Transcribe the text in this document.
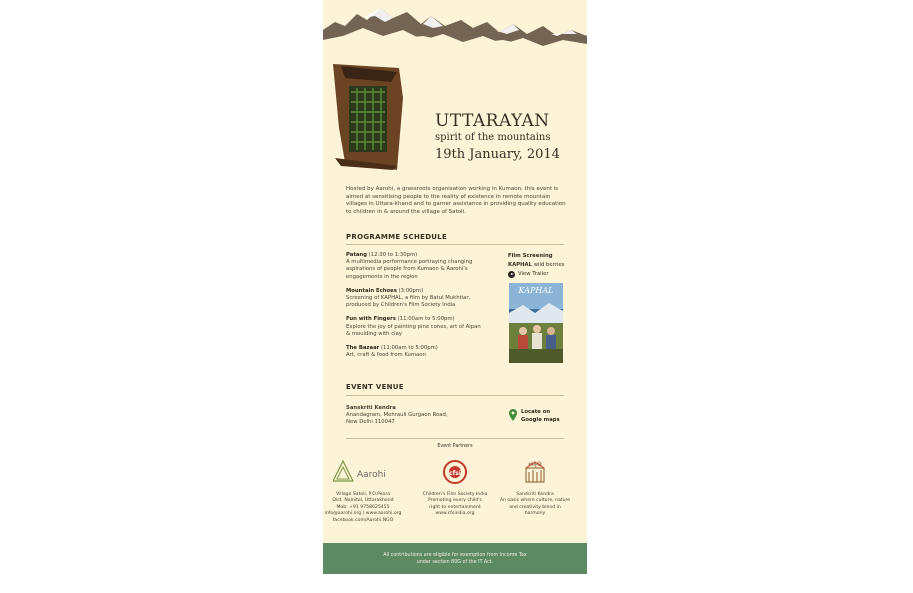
UTTARAYAN
spirit of the mountains
19th January, 2014
Hosted by Aarohi, a grassroots organisation working in Kumaon, this event is aimed at sensitising people to the reality of existence in remote mountain villages in Uttara-khand and to garner assistance in providing quality education to children in & around the village of Satoli.
PROGRAMME SCHEDULE
Patang (12:30 to 1:30pm)
A multimedia performance portraying changing aspirations of people from Kumaon & Aarohi's engagements in the region
Mountain Echoes (3:00pm)
Screening of KAPHAL, a film by Batul Mukhtiar, produced by Children's Film Society India
Fun with Fingers (11:00am to 5:00pm)
Explore the joy of painting pine cones, art of Aipan & moulding with clay
The Bazaar (11:00am to 5:00pm)
Art, craft & food from Kumaon
Film Screening
KAPHAL wild berries
View Trailer
KAPHAL
EVENT VENUE
Sanskriti Kendra
Anandagram, Mehrauli Gurgaon Road,
New Delhi 110047
Locate on
Google maps
Event Partners
Aarohi
Village Satoli, P.O.Peora
Dist. Nainital, Uttarakhand
Mob: +91 9758625455
info@aarohi.org | www.aarohi.org
facebook.com/Aarohi.NGO
cfsi
Children's Film Society India
Promoting every child's
right to entertainment
www.cfsindia.org
संस्कृति
Sanskriti Kendra
An oasis where culture, nature
and creativity blend in
harmony
All contributions are eligible for exemption from Income Tax
under section 80G of the IT Act.
